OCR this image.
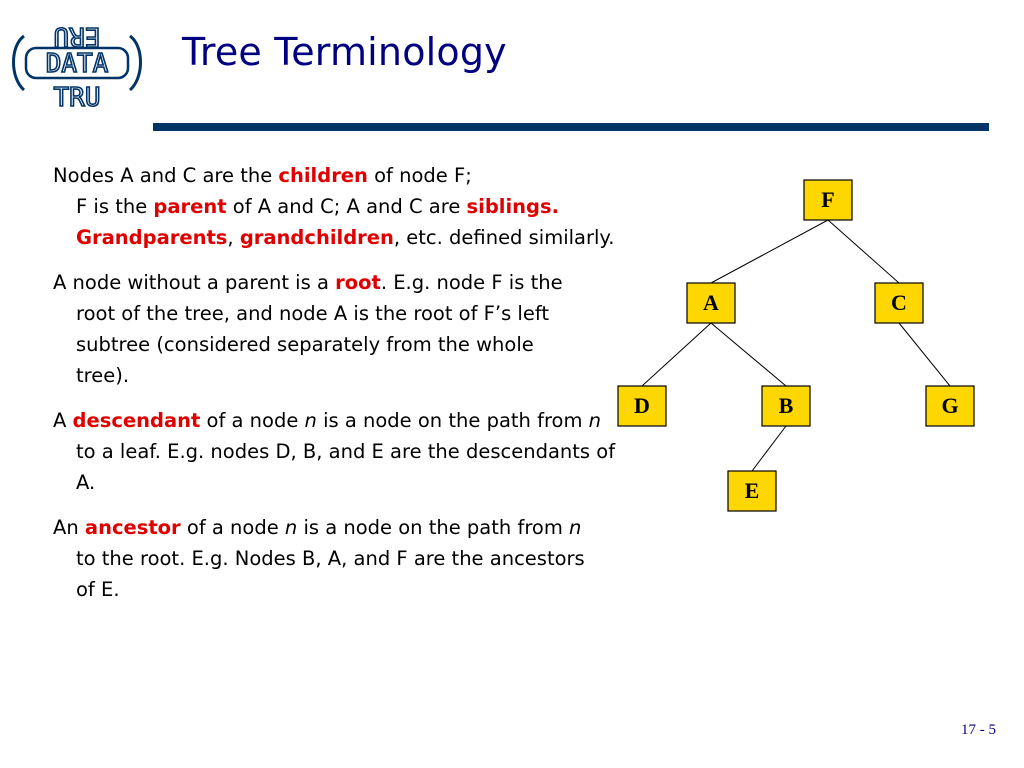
ERU
DATA
TRU
Tree Terminology

Nodes A and C are the children of node F;
F is the parent of A and C; A and C are siblings.
Grandparents, grandchildren, etc. defined similarly.

A node without a parent is a root. E.g. node F is the root of the tree, and node A is the root of F’s left subtree (considered separately from the whole tree).

A descendant of a node n is a node on the path from n to a leaf. E.g. nodes D, B, and E are the descendants of A.

An ancestor of a node n is a node on the path from n to the root. E.g. Nodes B, A, and F are the ancestors of E.

F
A	C
D	B	G
E
17 - 5
